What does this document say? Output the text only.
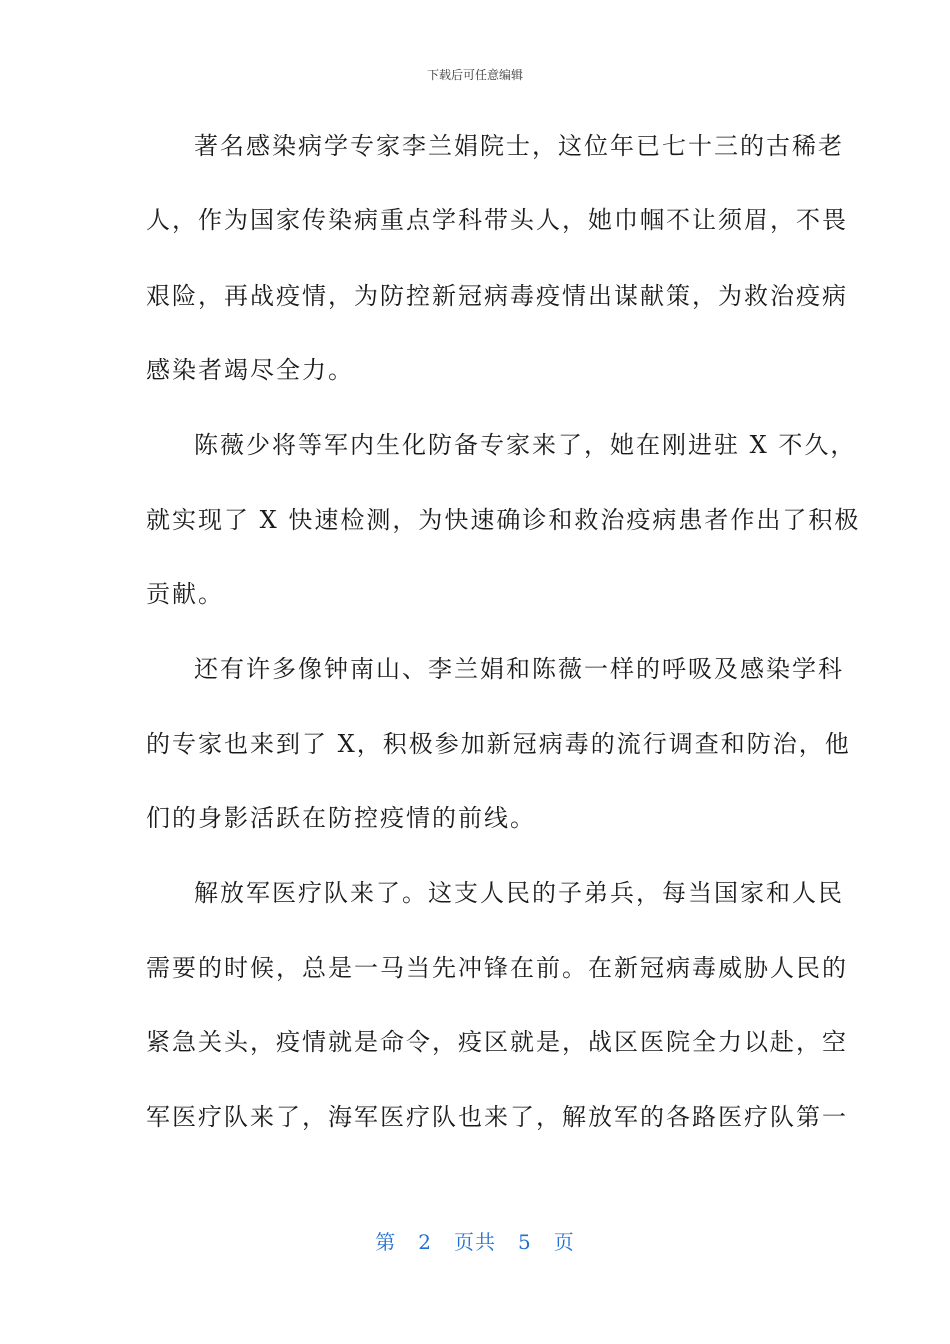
下载后可任意编辑
著名感染病学专家李兰娟院士，这位年已七十三的古稀老
人，作为国家传染病重点学科带头人，她巾帼不让须眉，不畏
艰险，再战疫情，为防控新冠病毒疫情出谋献策，为救治疫病
感染者竭尽全力。
陈薇少将等军内生化防备专家来了，她在刚进驻 X 不久，
就实现了 X 快速检测，为快速确诊和救治疫病患者作出了积极
贡献。
还有许多像钟南山、李兰娟和陈薇一样的呼吸及感染学科
的专家也来到了 X，积极参加新冠病毒的流行调查和防治，他
们的身影活跃在防控疫情的前线。
解放军医疗队来了。这支人民的子弟兵，每当国家和人民
需要的时候，总是一马当先冲锋在前。在新冠病毒威胁人民的
紧急关头，疫情就是命令，疫区就是，战区医院全力以赴，空
军医疗队来了，海军医疗队也来了，解放军的各路医疗队第一
第 2 页共 5 页
